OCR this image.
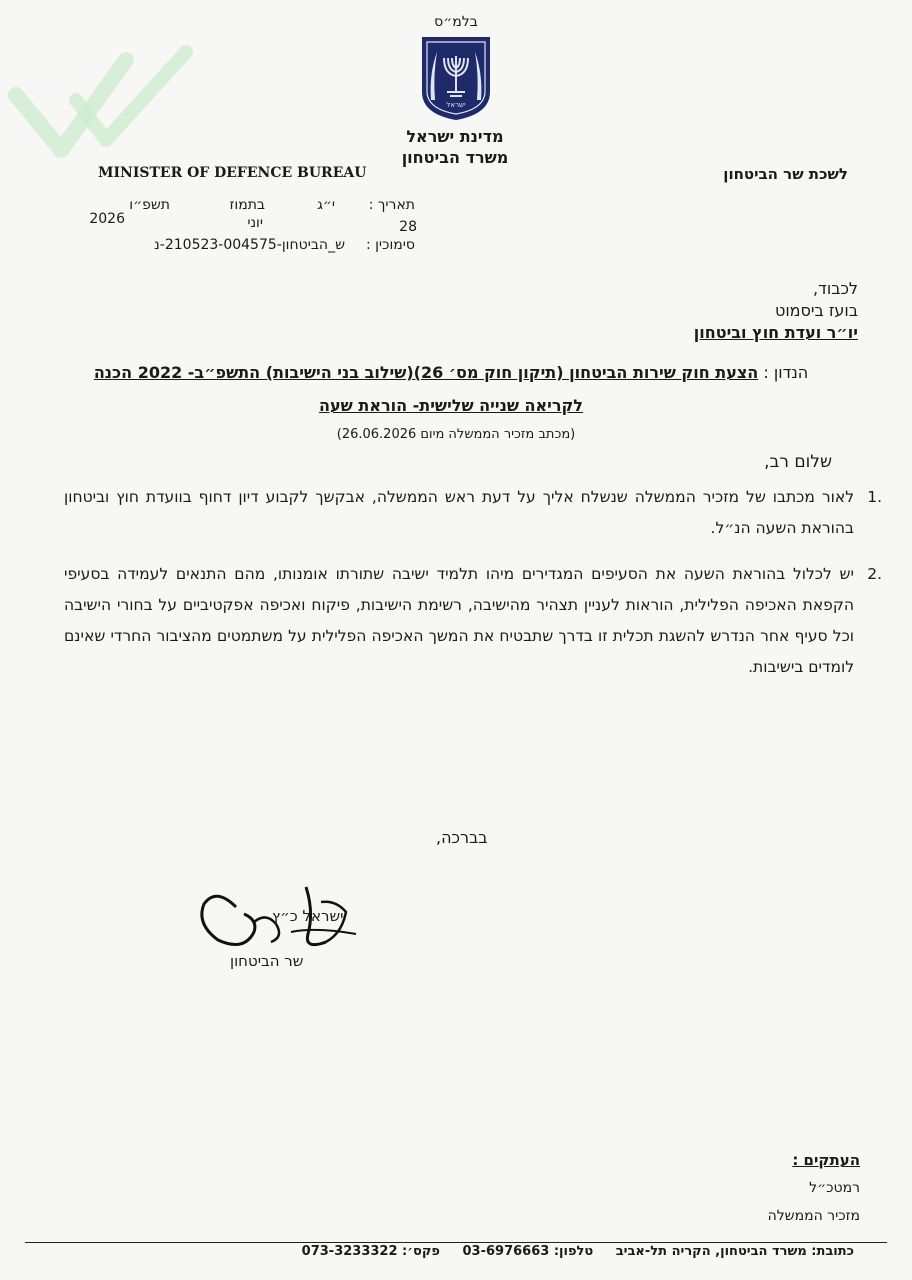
בלמ״ס
ישראל
מדינת ישראל
משרד הביטחון
לשכת שר הביטחון
MINISTER OF DEFENCE BUREAU
תאריך :
י״ג
בתמוז
תשפ״ו
28
יוני
2026
סימוכין :
ש_הביטחון-210523-004575-נ
לכבוד,
בועז ביסמוט
יו״ר ועדת חוץ וביטחון
הנדון : הצעת חוק שירות הביטחון (תיקון חוק מס׳ 26)(שילוב בני הישיבות) התשפ״ב- 2022 הכנה
לקריאה שנייה שלישית- הוראת שעה
(מכתב מזכיר הממשלה מיום 26.06.2026)
שלום רב,
.1
לאור מכתבו של מזכיר הממשלה שנשלח אליך על דעת ראש הממשלה, אבקשך לקבוע דיון דחוף בוועדת חוץ וביטחון בהוראת השעה הנ״ל.
.2
יש לכלול בהוראת השעה את הסעיפים המגדירים מיהו תלמיד ישיבה שתורתו אומנותו, מהם התנאים לעמידה בסעיפי הקפאת האכיפה הפלילית, הוראות לעניין תצהיר מהישיבה, רשימת הישיבות, פיקוח ואכיפה אפקטיביים על בחורי הישיבה וכל סעיף אחר הנדרש להשגת תכלית זו בדרך שתבטיח את המשך האכיפה הפלילית על משתמטים מהציבור החרדי שאינם לומדים בישיבות.
בברכה,
ישראל כ״ץ
שר הביטחון
העתקים :
רמטכ״ל
מזכיר הממשלה
כתובת: משרד הביטחון, הקריה תל-אביב טלפון: 03-6976663 פקס׳: 073-3233322
